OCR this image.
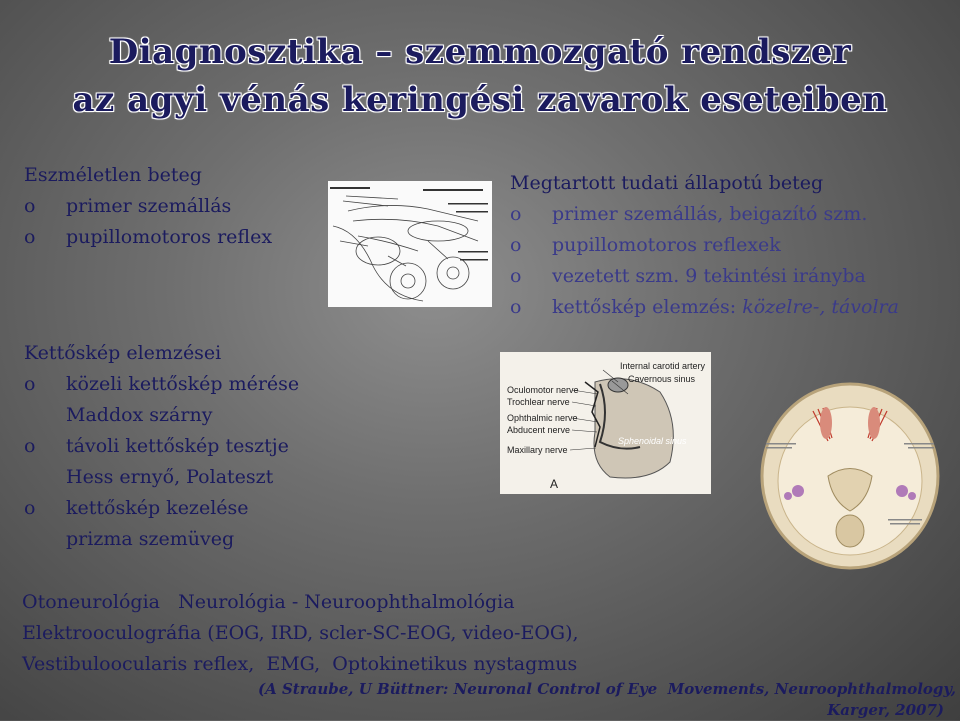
Diagnosztika – szemmozgató rendszer
az agyi vénás keringési zavarok eseteiben
Eszméletlen beteg
o primer szemállás
o pupillomotoros reflex
Megtartott tudati állapotú beteg
o primer szemállás, beigazító szm.
o pupillomotoros reflexek
o vezetett szm. 9 tekintési irányba
o kettőskép elemzés: közelre-, távolra
Kettőskép elemzései
o közeli kettőskép mérése
Maddox szárny
o távoli kettőskép tesztje
Hess ernyő, Polateszt
o kettőskép kezelése
prizma szemüveg
Internal carotid artery
Cavernous sinus
Oculomotor nerve
Trochlear nerve
Ophthalmic nerve
Abducent nerve
Maxillary nerve
Sphenoidal sinus
A
Otoneurológia   Neurológia - Neuroophthalmológia
Elektrooculográfia (EOG, IRD, scler-SC-EOG, video-EOG),
Vestibuloocularis reflex,  EMG,  Optokinetikus nystagmus
(A Straube, U Büttner: Neuronal Control of Eye  Movements, Neuroophthalmology,
Karger, 2007)
